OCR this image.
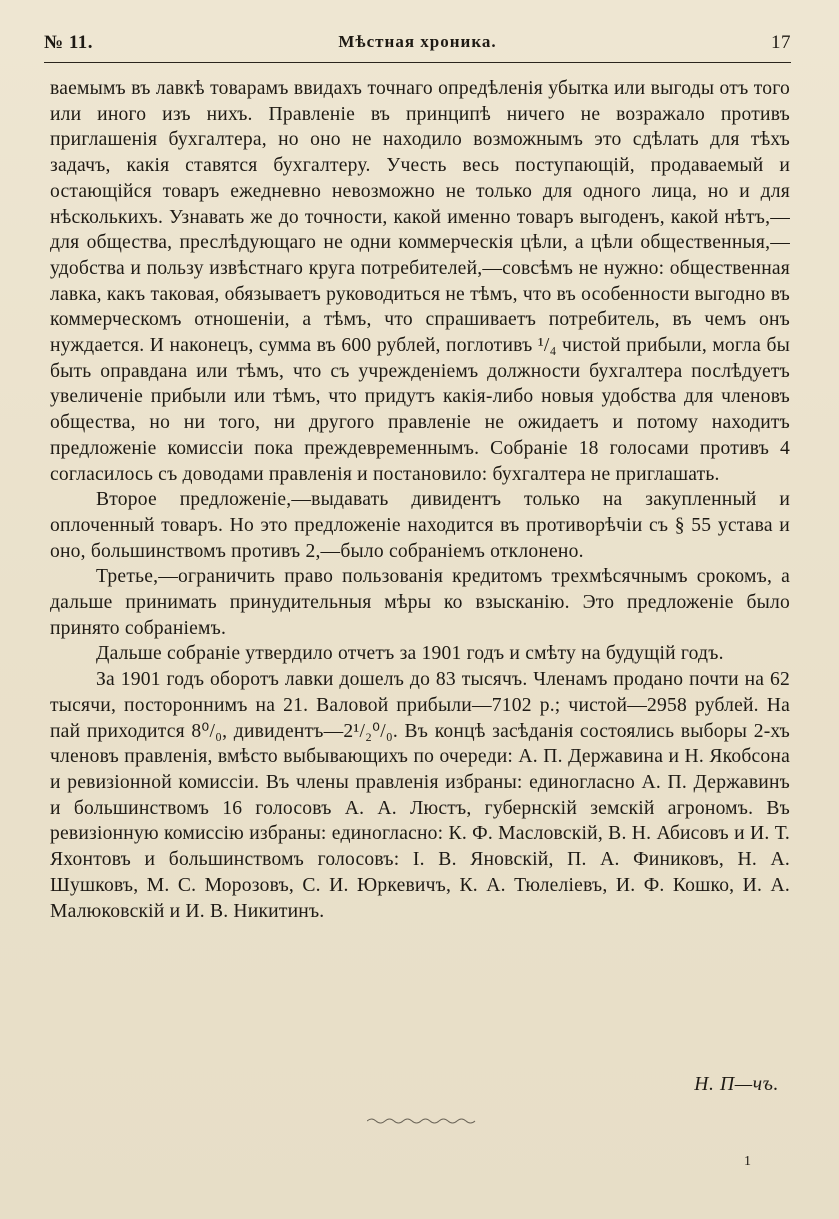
№ 11.	Мѣстная хроника.	17

ваемымъ въ лавкѣ товарамъ ввидахъ точнаго опредѣленія убытка или выгоды отъ того или иного изъ нихъ. Правленіе въ принципѣ ничего не возражало противъ приглашенія бухгалтера, но оно не находило возможнымъ это сдѣлать для тѣхъ задачъ, какія ставятся бухгалтеру. Учесть весь поступающій, продаваемый и остающійся товаръ ежедневно невозможно не только для одного лица, но и для нѣсколькихъ. Узнавать же до точности, какой именно товаръ выгоденъ, какой нѣтъ,—для общества, преслѣдующаго не одни коммерческія цѣли, а цѣли общественныя,—удобства и пользу извѣстнаго круга потребителей,—совсѣмъ не нужно: общественная лавка, какъ таковая, обязываетъ руководиться не тѣмъ, что въ особенности выгодно въ коммерческомъ отношеніи, а тѣмъ, что спрашиваетъ потребитель, въ чемъ онъ нуждается. И наконецъ, сумма въ 600 рублей, поглотивъ ¹/₄ чистой прибыли, могла бы быть оправдана или тѣмъ, что съ учрежденіемъ должности бухгалтера послѣдуетъ увеличеніе прибыли или тѣмъ, что придутъ какія-либо новыя удобства для членовъ общества, но ни того, ни другого правленіе не ожидаетъ и потому находитъ предложеніе комиссіи пока преждевременнымъ. Собраніе 18 голосами противъ 4 согласилось съ доводами правленія и постановило: бухгалтера не приглашать.

Второе предложеніе,—выдавать дивидентъ только на закупленный и оплоченный товаръ. Но это предложеніе находится въ противорѣчіи съ § 55 устава и оно, большинствомъ противъ 2,—было собраніемъ отклонено.

Третье,—ограничить право пользованія кредитомъ трехмѣсячнымъ срокомъ, а дальше принимать принудительныя мѣры ко взысканію. Это предложеніе было принято собраніемъ.

Дальше собраніе утвердило отчетъ за 1901 годъ и смѣту на будущій годъ.

За 1901 годъ оборотъ лавки дошелъ до 83 тысячъ. Членамъ продано почти на 62 тысячи, постороннимъ на 21. Валовой прибыли—7102 р.; чистой—2958 рублей. На пай приходится 8⁰/₀, дивидентъ—2¹/₂⁰/₀. Въ концѣ засѣданія состоялись выборы 2-хъ членовъ правленія, вмѣсто выбывающихъ по очереди: А. П. Державина и Н. Якобсона и ревизіонной комиссіи. Въ члены правленія избраны: единогласно А. П. Державинъ и большинствомъ 16 голосовъ А. А. Люстъ, губернскій земскій агрономъ. Въ ревизіонную комиссію избраны: единогласно: К. Ф. Масловскій, В. Н. Абисовъ и И. Т. Яхонтовъ и большинствомъ голосовъ: І. В. Яновскій, П. А. Финиковъ, Н. А. Шушковъ, М. С. Морозовъ, С. И. Юркевичъ, К. А. Тюлеліевъ, И. Ф. Кошко, И. А. Малюковскій и И. В. Никитинъ.

Н. П—чъ.
1
